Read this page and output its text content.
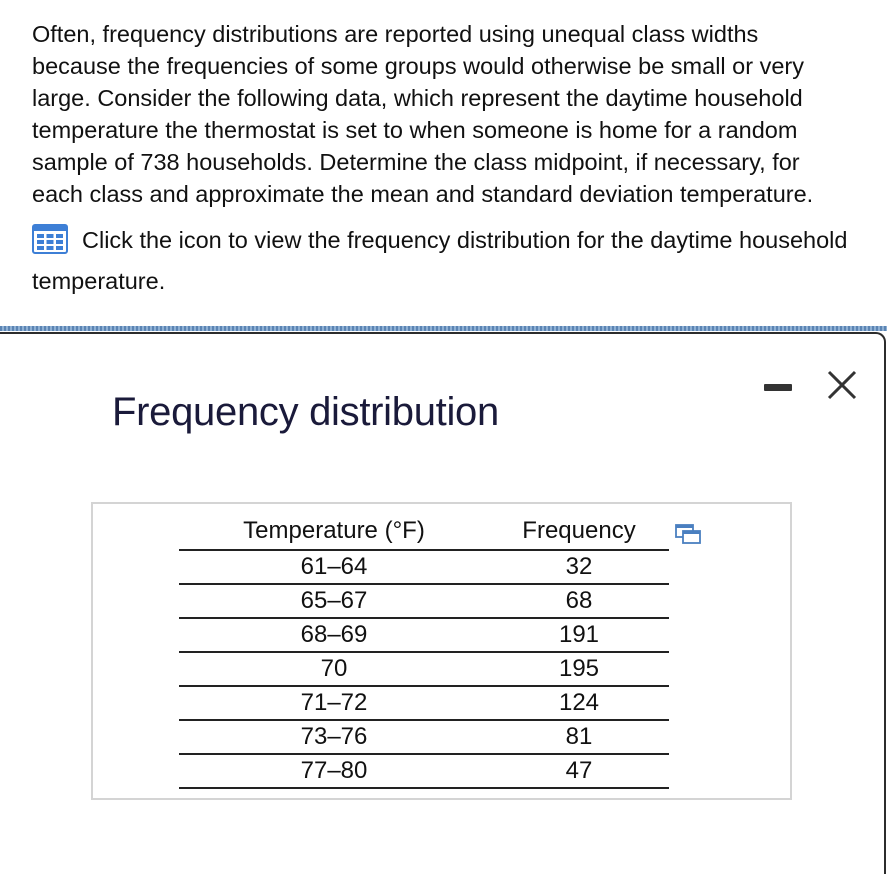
Often, frequency distributions are reported using unequal class widths because the frequencies of some groups would otherwise be small or very large. Consider the following data, which represent the daytime household temperature the thermostat is set to when someone is home for a random sample of 738 households. Determine the class midpoint, if necessary, for each class and approximate the mean and standard deviation temperature.

Click the icon to view the frequency distribution for the daytime household temperature.
Frequency distribution
Temperature (°F)	Frequency
61–64	32
65–67	68
68–69	191
70	195
71–72	124
73–76	81
77–80	47
